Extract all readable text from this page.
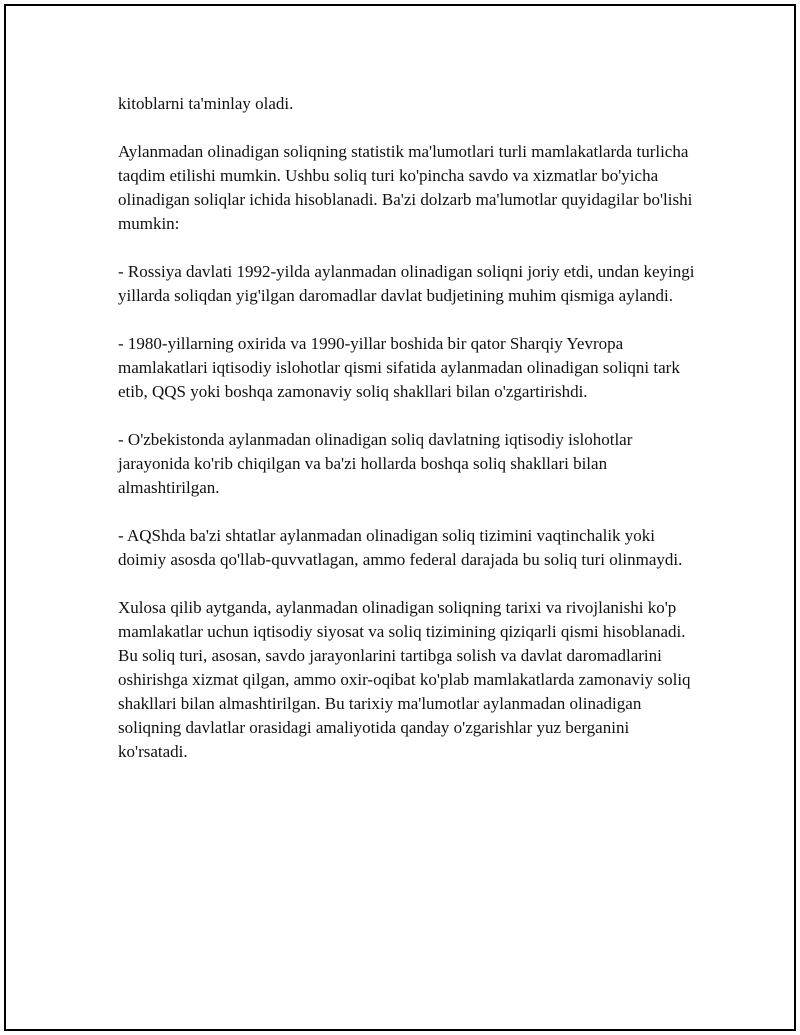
kitoblarni ta'minlay oladi.

Aylanmadan olinadigan soliqning statistik ma'lumotlari turli mamlakatlarda turlicha taqdim etilishi mumkin. Ushbu soliq turi ko'pincha savdo va xizmatlar bo'yicha olinadigan soliqlar ichida hisoblanadi. Ba'zi dolzarb ma'lumotlar quyidagilar bo'lishi mumkin:

- Rossiya davlati 1992-yilda aylanmadan olinadigan soliqni joriy etdi, undan keyingi yillarda soliqdan yig'ilgan daromadlar davlat budjetining muhim qismiga aylandi.

- 1980-yillarning oxirida va 1990-yillar boshida bir qator Sharqiy Yevropa mamlakatlari iqtisodiy islohotlar qismi sifatida aylanmadan olinadigan soliqni tark etib, QQS yoki boshqa zamonaviy soliq shakllari bilan o'zgartirishdi.

- O'zbekistonda aylanmadan olinadigan soliq davlatning iqtisodiy islohotlar jarayonida ko'rib chiqilgan va ba'zi hollarda boshqa soliq shakllari bilan almashtirilgan.

- AQShda ba'zi shtatlar aylanmadan olinadigan soliq tizimini vaqtinchalik yoki doimiy asosda qo'llab-quvvatlagan, ammo federal darajada bu soliq turi olinmaydi.

Xulosa qilib aytganda, aylanmadan olinadigan soliqning tarixi va rivojlanishi ko'p mamlakatlar uchun iqtisodiy siyosat va soliq tizimining qiziqarli qismi hisoblanadi. Bu soliq turi, asosan, savdo jarayonlarini tartibga solish va davlat daromadlarini oshirishga xizmat qilgan, ammo oxir-oqibat ko'plab mamlakatlarda zamonaviy soliq shakllari bilan almashtirilgan. Bu tarixiy ma'lumotlar aylanmadan olinadigan soliqning davlatlar orasidagi amaliyotida qanday o'zgarishlar yuz berganini ko'rsatadi.
